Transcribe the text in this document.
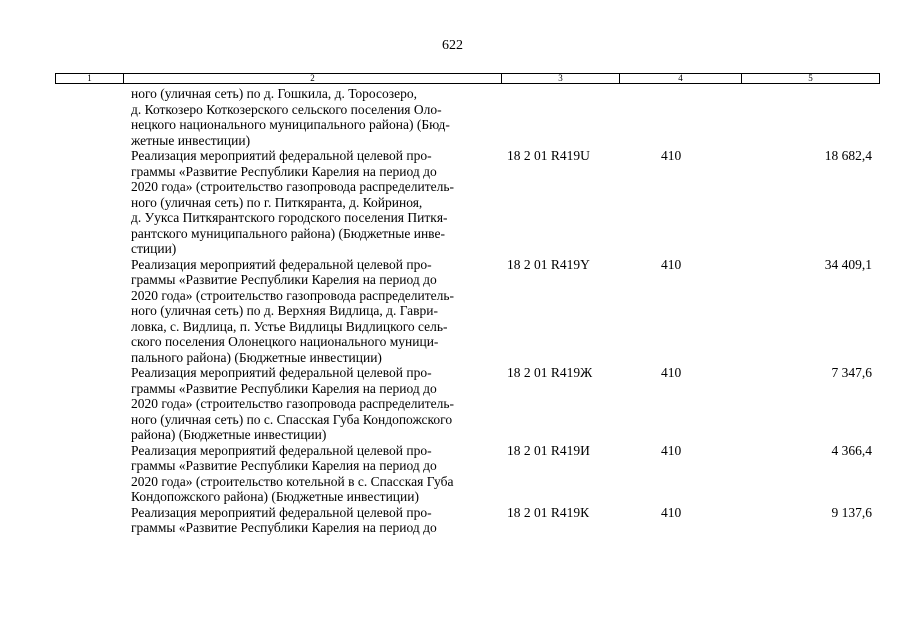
622
1	2	3	4	5
ного (уличная сеть) по д. Гошкила, д. Торосозеро,
д. Коткозеро Коткозерского сельского поселения Оло-
нецкого национального муниципального района) (Бюд-
жетные инвестиции)
Реализация мероприятий федеральной целевой про-
граммы «Развитие Республики Карелия на период до
2020 года» (строительство газопровода распределитель-
ного (уличная сеть) по г. Питкяранта, д. Койриноя,
д. Уукса Питкярантского городского поселения Питкя-
рантского муниципального района) (Бюджетные инве-
стиции)
18 2 01 R419U	410	18 682,4
Реализация мероприятий федеральной целевой про-
граммы «Развитие Республики Карелия на период до
2020 года» (строительство газопровода распределитель-
ного (уличная сеть) по д. Верхняя Видлица, д. Гаври-
ловка, с. Видлица, п. Устье Видлицы Видлицкого сель-
ского поселения Олонецкого национального муници-
пального района) (Бюджетные инвестиции)
18 2 01 R419Y	410	34 409,1
Реализация мероприятий федеральной целевой про-
граммы «Развитие Республики Карелия на период до
2020 года» (строительство газопровода распределитель-
ного (уличная сеть) по с. Спасская Губа Кондопожского
района) (Бюджетные инвестиции)
18 2 01 R419Ж	410	7 347,6
Реализация мероприятий федеральной целевой про-
граммы «Развитие Республики Карелия на период до
2020 года» (строительство котельной в с. Спасская Губа
Кондопожского района) (Бюджетные инвестиции)
18 2 01 R419И	410	4 366,4
Реализация мероприятий федеральной целевой про-
граммы «Развитие Республики Карелия на период до
18 2 01 R419К	410	9 137,6
